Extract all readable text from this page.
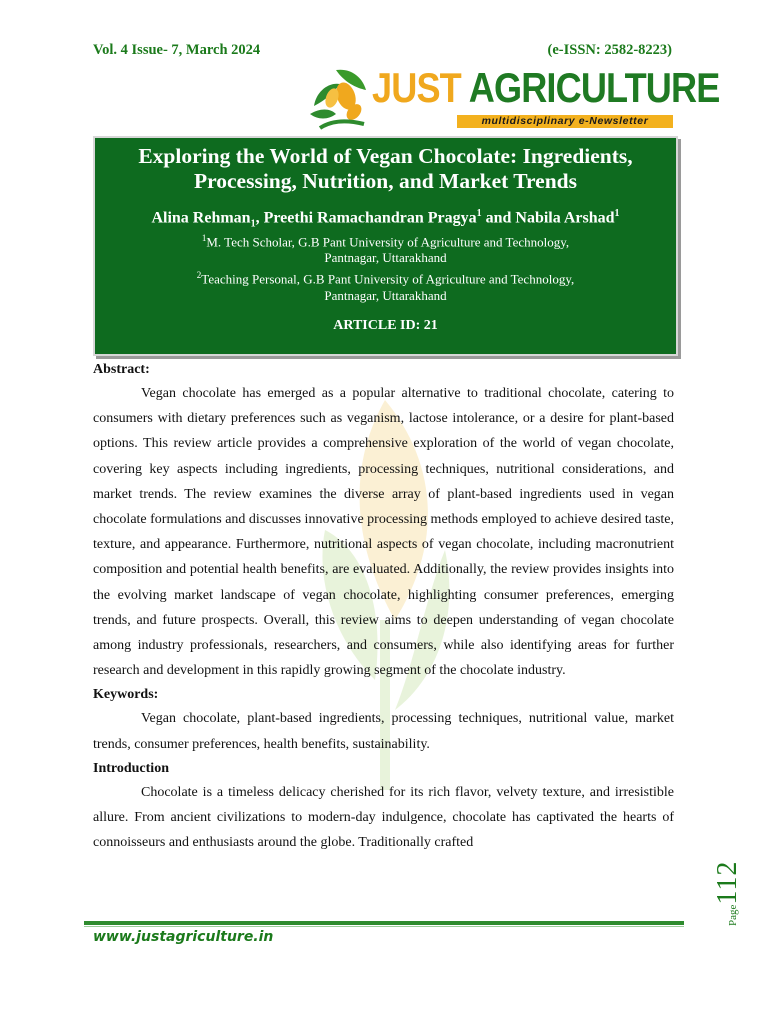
Vol. 4 Issue- 7, March 2024	(e-ISSN: 2582-8223)
JUST AGRICULTURE
multidisciplinary e-Newsletter
Exploring the World of Vegan Chocolate: Ingredients, Processing, Nutrition, and Market Trends
Alina Rehman$_1$, Preethi Ramachandran Pragya$^1$ and Nabila Arshad$^1$
$^1$M. Tech Scholar, G.B Pant University of Agriculture and Technology,
Pantnagar, Uttarakhand
$^2$Teaching Personal, G.B Pant University of Agriculture and Technology,
Pantnagar, Uttarakhand
ARTICLE ID: 21
Abstract:

Vegan chocolate has emerged as a popular alternative to traditional chocolate, catering to consumers with dietary preferences such as veganism, lactose intolerance, or a desire for plant-based options. This review article provides a comprehensive exploration of the world of vegan chocolate, covering key aspects including ingredients, processing techniques, nutritional considerations, and market trends. The review examines the diverse array of plant-based ingredients used in vegan chocolate formulations and discusses innovative processing methods employed to achieve desired taste, texture, and appearance. Furthermore, nutritional aspects of vegan chocolate, including macronutrient composition and potential health benefits, are evaluated. Additionally, the review provides insights into the evolving market landscape of vegan chocolate, highlighting consumer preferences, emerging trends, and future prospects. Overall, this review aims to deepen understanding of vegan chocolate among industry professionals, researchers, and consumers, while also identifying areas for further research and development in this rapidly growing segment of the chocolate industry.

Keywords:

Vegan chocolate, plant-based ingredients, processing techniques, nutritional value, market trends, consumer preferences, health benefits, sustainability.

Introduction

Chocolate is a timeless delicacy cherished for its rich flavor, velvety texture, and irresistible allure. From ancient civilizations to modern-day indulgence, chocolate has captivated the hearts of connoisseurs and enthusiasts around the globe. Traditionally crafted

Page112
www.justagriculture.in
